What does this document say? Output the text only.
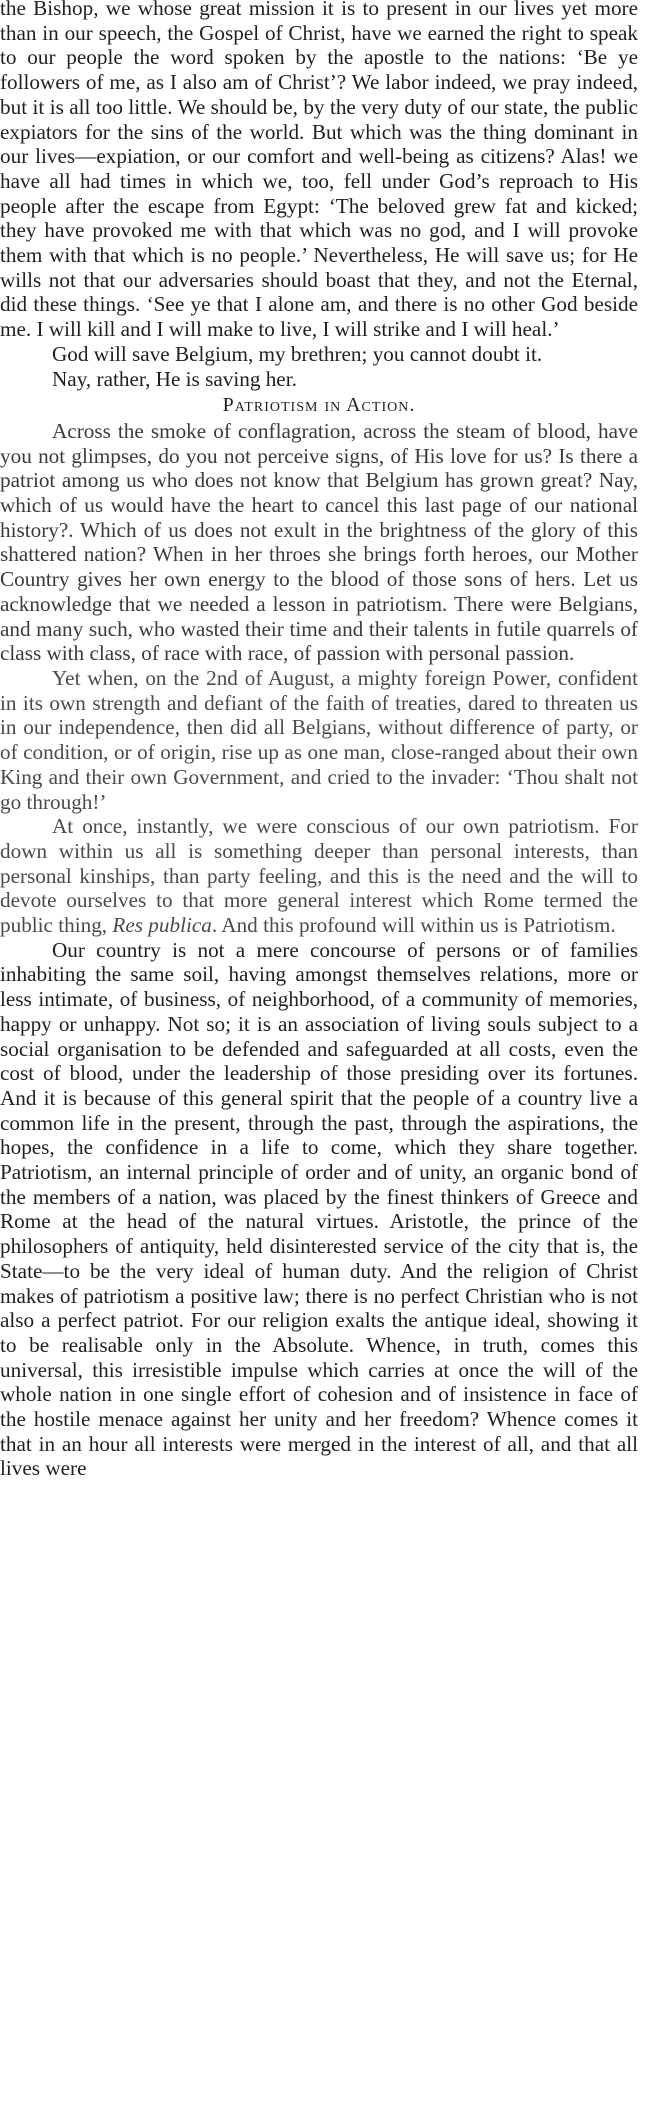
the Bishop, we whose great mission it is to present in our lives yet more than in our speech, the Gospel of Christ, have we earned the right to speak to our people the word spoken by the apostle to the nations: ‘Be ye followers of me, as I also am of Christ’? We labor indeed, we pray indeed, but it is all too little. We should be, by the very duty of our state, the public expiators for the sins of the world. But which was the thing dominant in our lives—expiation, or our comfort and well-being as citizens? Alas! we have all had times in which we, too, fell under God’s reproach to His people after the escape from Egypt: ‘The beloved grew fat and kicked; they have provoked me with that which was no god, and I will provoke them with that which is no people.’ Nevertheless, He will save us; for He wills not that our adversaries should boast that they, and not the Eternal, did these things. ‘See ye that I alone am, and there is no other God beside me. I will kill and I will make to live, I will strike and I will heal.’

God will save Belgium, my brethren; you cannot doubt it.

Nay, rather, He is saving her.

Patriotism in Action.

Across the smoke of conflagration, across the steam of blood, have you not glimpses, do you not perceive signs, of His love for us? Is there a patriot among us who does not know that Belgium has grown great? Nay, which of us would have the heart to cancel this last page of our national history?. Which of us does not exult in the brightness of the glory of this shattered nation? When in her throes she brings forth heroes, our Mother Country gives her own energy to the blood of those sons of hers. Let us acknowledge that we needed a lesson in patriotism. There were Belgians, and many such, who wasted their time and their talents in futile quarrels of class with class, of race with race, of passion with personal passion.

Yet when, on the 2nd of August, a mighty foreign Power, confident in its own strength and defiant of the faith of treaties, dared to threaten us in our independence, then did all Belgians, without difference of party, or of condition, or of origin, rise up as one man, close-ranged about their own King and their own Government, and cried to the invader: ‘Thou shalt not go through!’

At once, instantly, we were conscious of our own patriotism. For down within us all is something deeper than personal interests, than personal kinships, than party feeling, and this is the need and the will to devote ourselves to that more general interest which Rome termed the public thing, Res publica. And this profound will within us is Patriotism.

Our country is not a mere concourse of persons or of families inhabiting the same soil, having amongst themselves relations, more or less intimate, of business, of neighborhood, of a community of memories, happy or unhappy. Not so; it is an association of living souls subject to a social organisation to be defended and safeguarded at all costs, even the cost of blood, under the leadership of those presiding over its fortunes. And it is because of this general spirit that the people of a country live a common life in the present, through the past, through the aspirations, the hopes, the confidence in a life to come, which they share together. Patriotism, an internal principle of order and of unity, an organic bond of the members of a nation, was placed by the finest thinkers of Greece and Rome at the head of the natural virtues. Aristotle, the prince of the philosophers of antiquity, held disinterested service of the city that is, the State—to be the very ideal of human duty. And the religion of Christ makes of patriotism a positive law; there is no perfect Christian who is not also a perfect patriot. For our religion exalts the antique ideal, showing it to be realisable only in the Absolute. Whence, in truth, comes this universal, this irresistible impulse which carries at once the will of the whole nation in one single effort of cohesion and of insistence in face of the hostile menace against her unity and her freedom? Whence comes it that in an hour all interests were merged in the interest of all, and that all lives were
